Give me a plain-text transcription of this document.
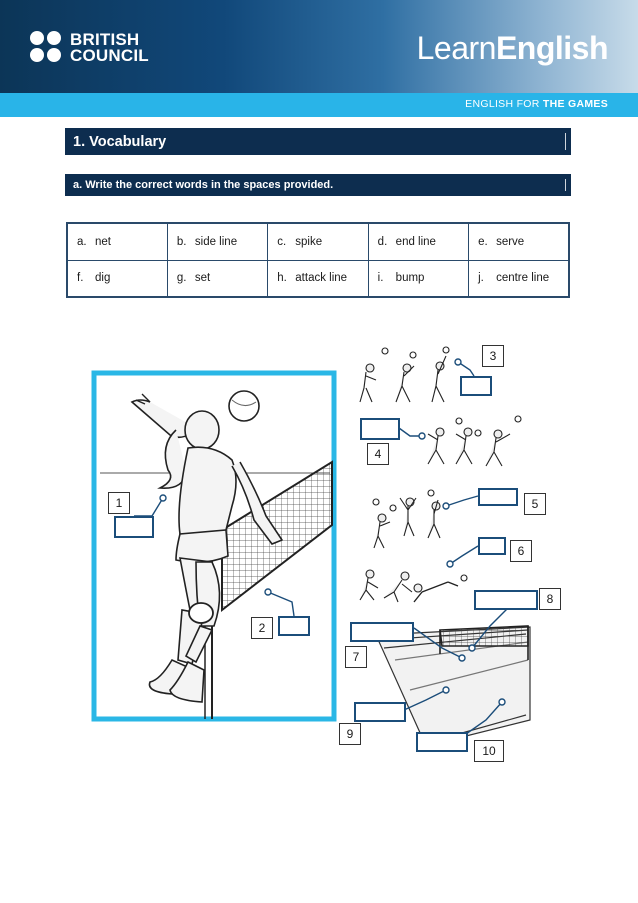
BRITISH
COUNCIL	LearnEnglish
ENGLISH FOR THE GAMES
1. Vocabulary
a. Write the correct words in the spaces provided.
a. net	b. side line	c. spike	d. end line	e. serve
f. dig	g. set	h. attack line	i. bump	j. centre line
1
2
3
4
5
6
7
8
9
10
